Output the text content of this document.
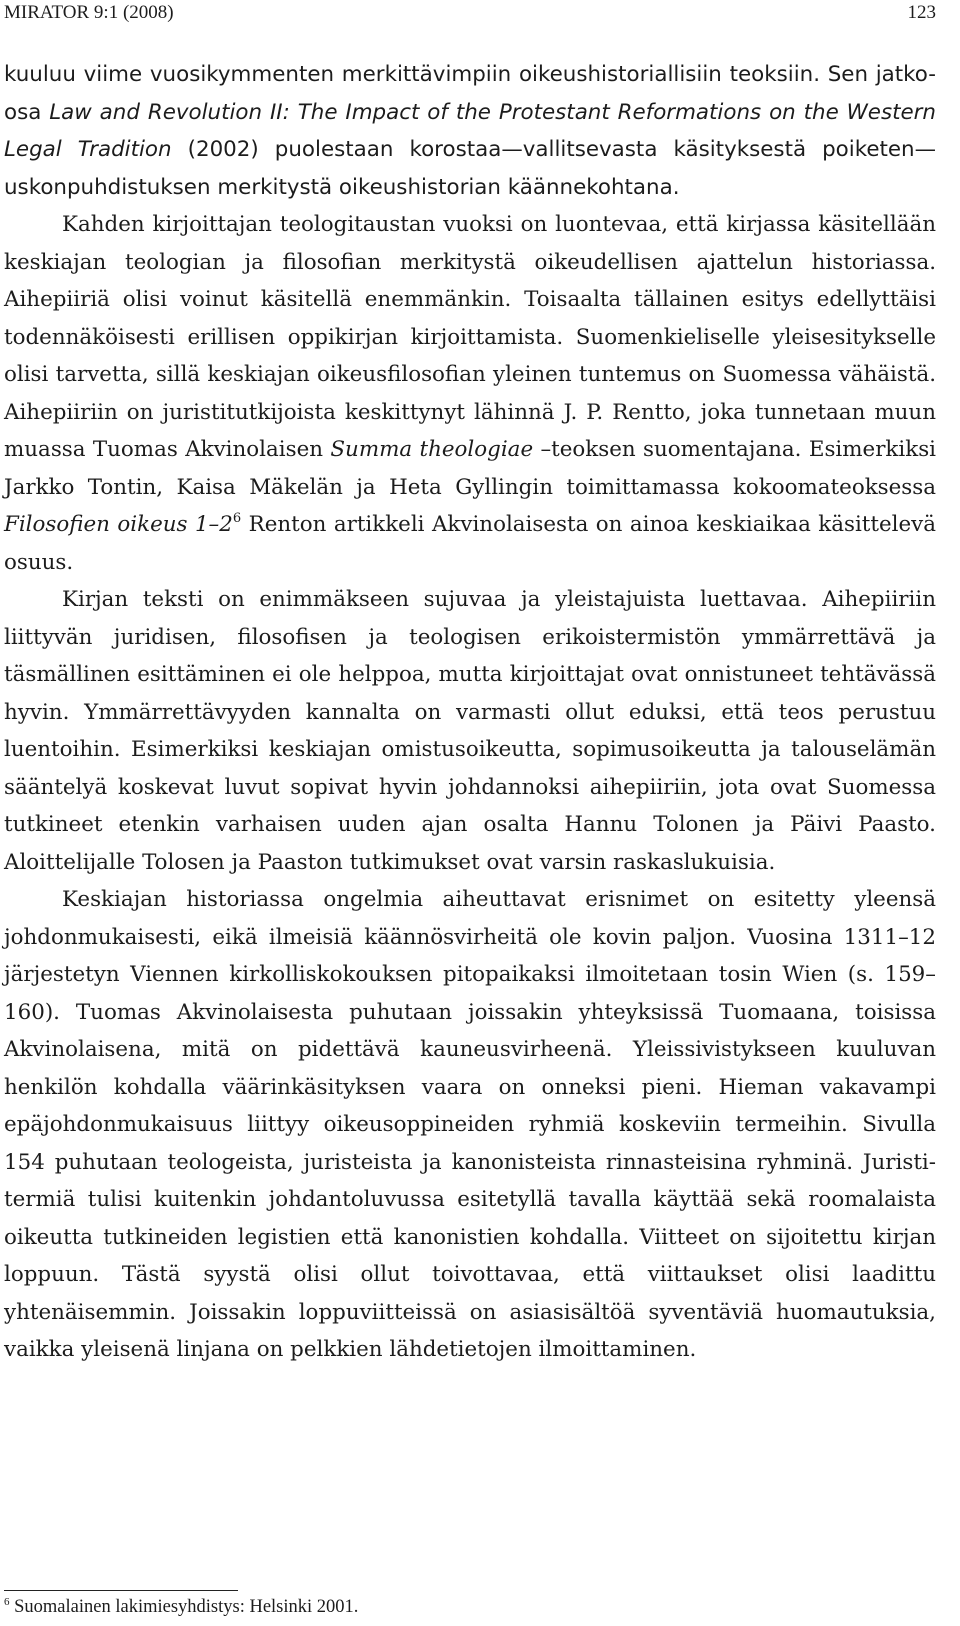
MIRATOR 9:1 (2008)	123

kuuluu viime vuosikymmenten merkittävimpiin oikeushistoriallisiin teoksiin. Sen jatko-osa Law and Revolution II: The Impact of the Protestant Reformations on the Western Legal Tradition (2002) puolestaan korostaa—vallitsevasta käsityksestä poiketen—uskonpuhdistuksen merkitystä oikeushistorian käännekohtana.

Kahden kirjoittajan teologitaustan vuoksi on luontevaa, että kirjassa käsitellään keskiajan teologian ja filosofian merkitystä oikeudellisen ajattelun historiassa. Aihepiiriä olisi voinut käsitellä enemmänkin. Toisaalta tällainen esitys edellyttäisi todennäköisesti erillisen oppikirjan kirjoittamista. Suomenkieliselle yleisesitykselle olisi tarvetta, sillä keskiajan oikeusfilosofian yleinen tuntemus on Suomessa vähäistä. Aihepiiriin on juristitutkijoista keskittynyt lähinnä J. P. Rentto, joka tunnetaan muun muassa Tuomas Akvinolaisen Summa theologiae –teoksen suomentajana. Esimerkiksi Jarkko Tontin, Kaisa Mäkelän ja Heta Gyllingin toimittamassa kokoomateoksessa Filosofien oikeus $1-2^6$ Renton artikkeli Akvinolaisesta on ainoa keskiaikaa käsittelevä osuus.

Kirjan teksti on enimmäkseen sujuvaa ja yleistajuista luettavaa. Aihepiiriin liittyvän juridisen, filosofisen ja teologisen erikoistermistön ymmärrettävä ja täsmällinen esittäminen ei ole helppoa, mutta kirjoittajat ovat onnistuneet tehtävässä hyvin. Ymmärrettävyyden kannalta on varmasti ollut eduksi, että teos perustuu luentoihin. Esimerkiksi keskiajan omistusoikeutta, sopimusoikeutta ja talouselämän sääntelyä koskevat luvut sopivat hyvin johdannoksi aihepiiriin, jota ovat Suomessa tutkineet etenkin varhaisen uuden ajan osalta Hannu Tolonen ja Päivi Paasto. Aloittelijalle Tolosen ja Paaston tutkimukset ovat varsin raskaslukuisia.

Keskiajan historiassa ongelmia aiheuttavat erisnimet on esitetty yleensä johdonmukaisesti, eikä ilmeisiä käännösvirheitä ole kovin paljon. Vuosina 1311–12 järjestetyn Viennen kirkolliskokouksen pitopaikaksi ilmoitetaan tosin Wien (s. 159–160). Tuomas Akvinolaisesta puhutaan joissakin yhteyksissä Tuomaana, toisissa Akvinolaisena, mitä on pidettävä kauneusvirheenä. Yleissivistykseen kuuluvan henkilön kohdalla väärinkäsityksen vaara on onneksi pieni. Hieman vakavampi epäjohdonmukaisuus liittyy oikeusoppineiden ryhmiä koskeviin termeihin. Sivulla 154 puhutaan teologeista, juristeista ja kanonisteista rinnasteisina ryhminä. Juristi-termiä tulisi kuitenkin johdantoluvussa esitetyllä tavalla käyttää sekä roomalaista oikeutta tutkineiden legistien että kanonistien kohdalla. Viitteet on sijoitettu kirjan loppuun. Tästä syystä olisi ollut toivottavaa, että viittaukset olisi laadittu yhtenäisemmin. Joissakin loppuviitteissä on asiasisältöä syventäviä huomautuksia, vaikka yleisenä linjana on pelkkien lähdetietojen ilmoittaminen.

$^6$ Suomalainen lakimiesyhdistys: Helsinki 2001.
